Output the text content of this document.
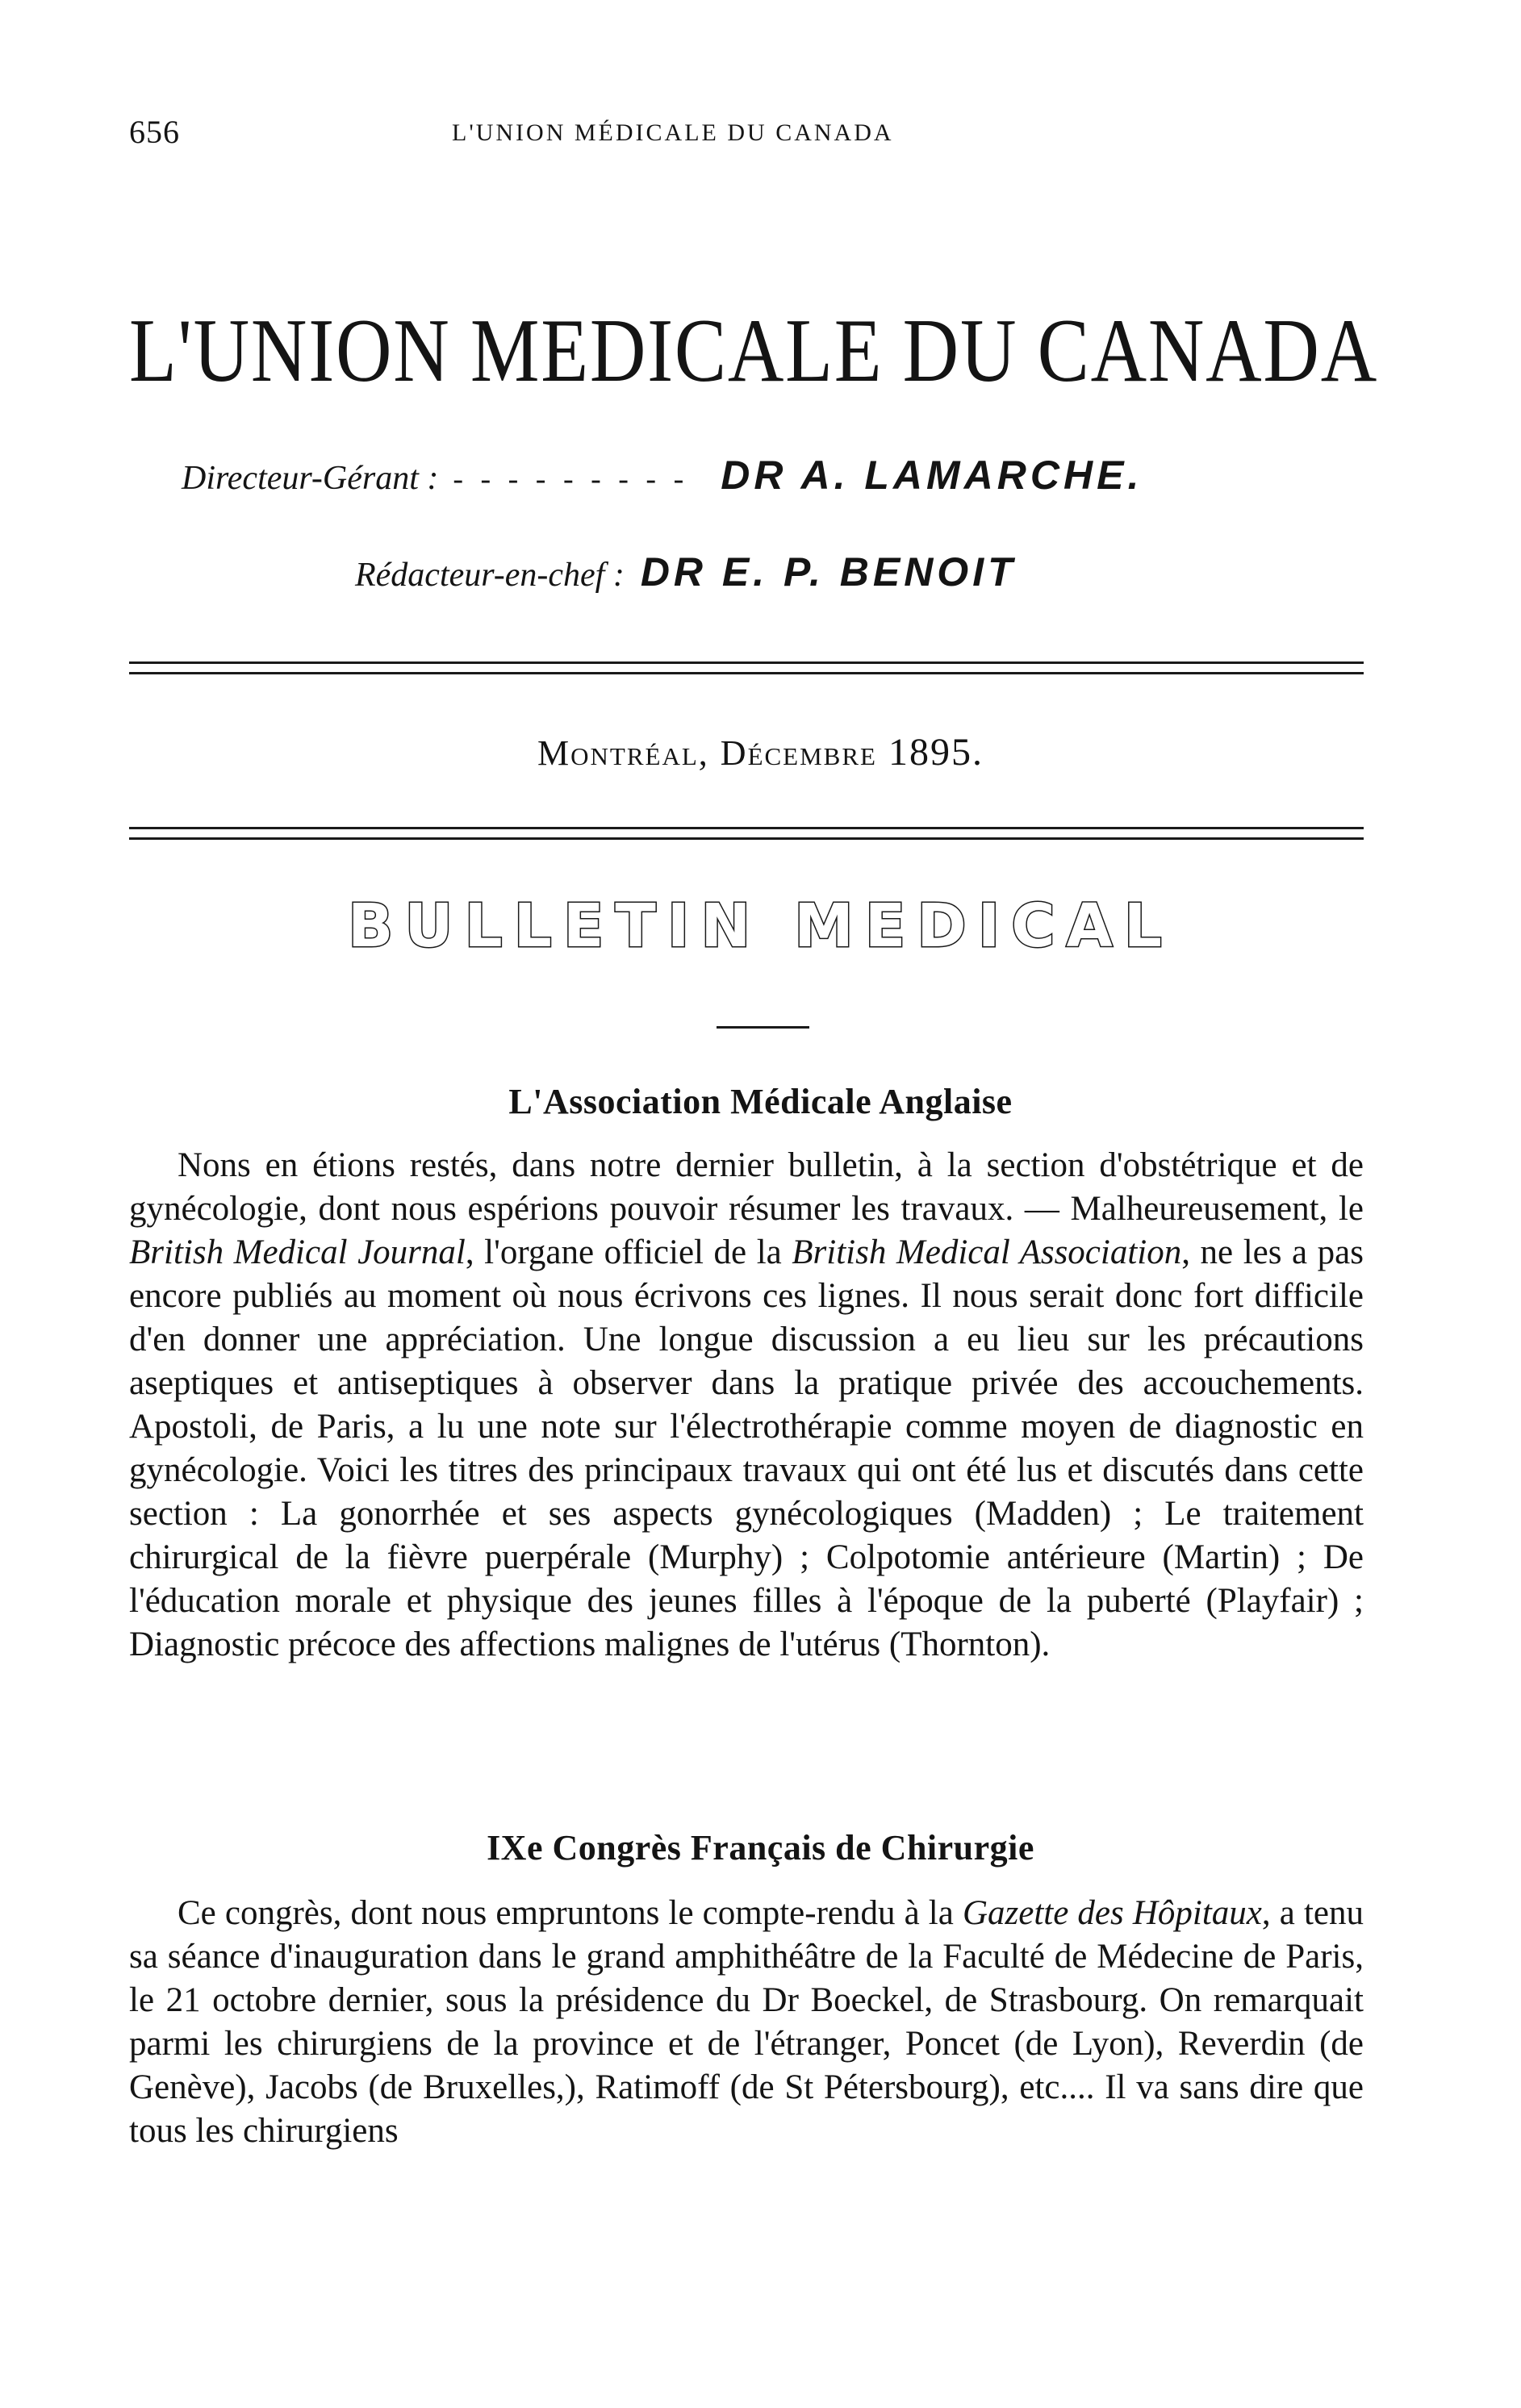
656	L'UNION MÉDICALE DU CANADA
L'UNION MEDICALE DU CANADA
Directeur-Gérant : - - - - - - - - - DR A. LAMARCHE.
Rédacteur-en-chef : DR E. P. BENOIT
Montréal, Décembre 1895.
BULLETIN MEDICAL
L'Association Médicale Anglaise

Nons en étions restés, dans notre dernier bulletin, à la section d'obstétrique et de gynécologie, dont nous espérions pouvoir résumer les travaux. — Malheureusement, le British Medical Journal, l'organe officiel de la British Medical Association, ne les a pas encore publiés au moment où nous écrivons ces lignes. Il nous serait donc fort difficile d'en donner une appréciation. Une longue discussion a eu lieu sur les précautions aseptiques et antiseptiques à observer dans la pratique privée des accouchements. Apostoli, de Paris, a lu une note sur l'électrothérapie comme moyen de diagnostic en gynécologie. Voici les titres des principaux travaux qui ont été lus et discutés dans cette section : La gonorrhée et ses aspects gynécologiques (Madden) ; Le traitement chirurgical de la fièvre puerpérale (Murphy) ; Colpotomie antérieure (Martin) ; De l'éducation morale et physique des jeunes filles à l'époque de la puberté (Playfair) ; Diagnostic précoce des affections malignes de l'utérus (Thornton).

IXe Congrès Français de Chirurgie

Ce congrès, dont nous empruntons le compte-rendu à la Gazette des Hôpitaux, a tenu sa séance d'inauguration dans le grand amphithéâtre de la Faculté de Médecine de Paris, le 21 octobre dernier, sous la présidence du Dr Boeckel, de Strasbourg. On remarquait parmi les chirurgiens de la province et de l'étranger, Poncet (de Lyon), Reverdin (de Genève), Jacobs (de Bruxelles,), Ratimoff (de St Pétersbourg), etc.... Il va sans dire que tous les chirurgiens
